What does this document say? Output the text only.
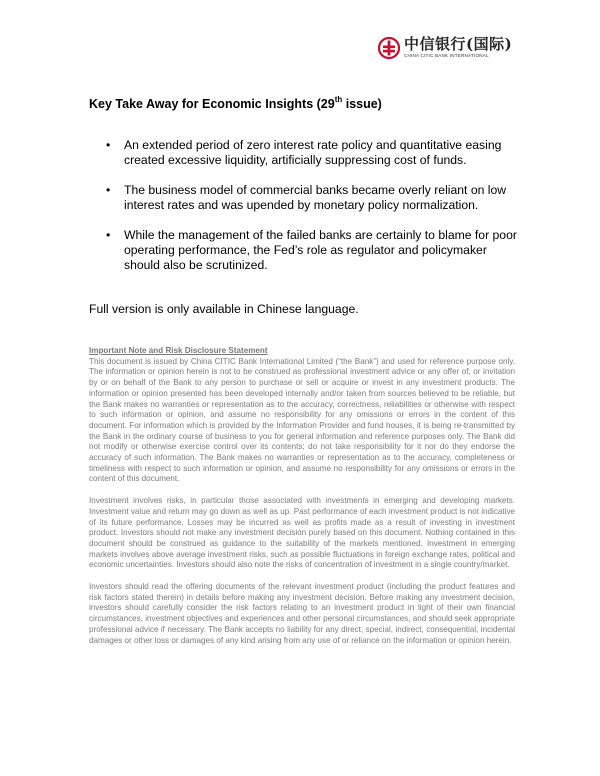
中信银行(国际)
CHINA CITIC BANK INTERNATIONAL
Key Take Away for Economic Insights (29th issue)
• An extended period of zero interest rate policy and quantitative easing created excessive liquidity, artificially suppressing cost of funds.
• The business model of commercial banks became overly reliant on low interest rates and was upended by monetary policy normalization.
• While the management of the failed banks are certainly to blame for poor operating performance, the Fed’s role as regulator and policymaker should also be scrutinized.
Full version is only available in Chinese language.
Important Note and Risk Disclosure Statement

This document is issued by China CITIC Bank International Limited (“the Bank”) and used for reference purpose only. The information or opinion herein is not to be construed as professional investment advice or any offer of, or invitation by or on behalf of the Bank to any person to purchase or sell or acquire or invest in any investment products. The information or opinion presented has been developed internally and/or taken from sources believed to be reliable, but the Bank makes no warranties or representation as to the accuracy, correctness, reliabilities or otherwise with respect to such information or opinion, and assume no responsibility for any omissions or errors in the content of this document. For information which is provided by the Information Provider and fund houses, it is being re-transmitted by the Bank in the ordinary course of business to you for general information and reference purposes only. The Bank did not modify or otherwise exercise control over its contents; do not take responsibility for it nor do they endorse the accuracy of such information. The Bank makes no warranties or representation as to the accuracy, completeness or timeliness with respect to such information or opinion, and assume no responsibility for any omissions or errors in the content of this document.

Investment involves risks, in particular those associated with investments in emerging and developing markets. Investment value and return may go down as well as up. Past performance of each investment product is not indicative of its future performance. Losses may be incurred as well as profits made as a result of investing in investment product. Investors should not make any investment decision purely based on this document. Nothing contained in this document should be construed as guidance to the suitability of the markets mentioned. Investment in emerging markets involves above average investment risks, such as possible fluctuations in foreign exchange rates, political and economic uncertainties. Investors should also note the risks of concentration of investment in a single country/market.

Investors should read the offering documents of the relevant investment product (including the product features and risk factors stated therein) in details before making any investment decision. Before making any investment decision, investors should carefully consider the risk factors relating to an investment product in light of their own financial circumstances, investment objectives and experiences and other personal circumstances, and should seek appropriate professional advice if necessary. The Bank accepts no liability for any direct, special, indirect, consequential, incidental damages or other loss or damages of any kind arising from any use of or reliance on the information or opinion herein.
